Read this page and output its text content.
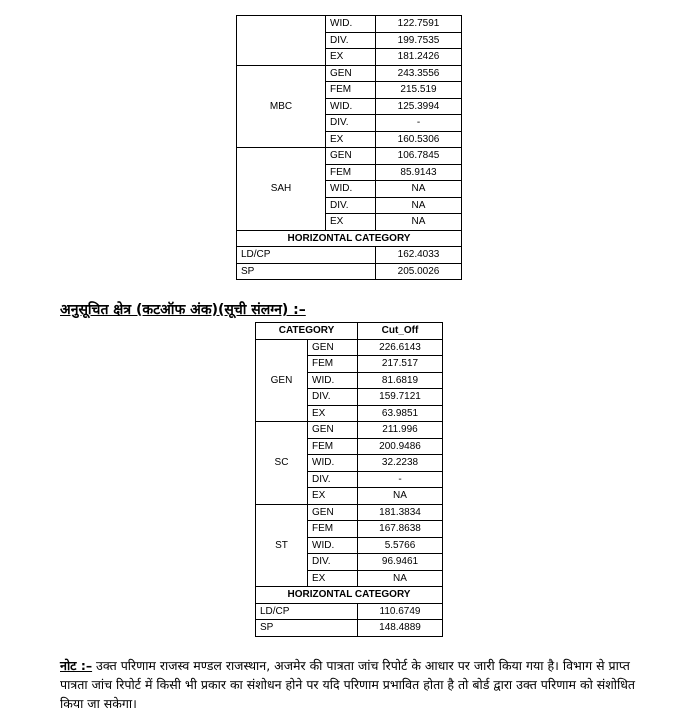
	WID.	122.7591
	DIV.	199.7535
	EX	181.2426
MBC	GEN	243.3556
	FEM	215.519
	WID.	125.3994
	DIV.	-
	EX	160.5306
SAH	GEN	106.7845
	FEM	85.9143
	WID.	NA
	DIV.	NA
	EX	NA
HORIZONTAL CATEGORY		
LD/CP		162.4033
SP		205.0026
अनुसूचित क्षेत्र (कटऑफ अंक)(सूची संलग्न) :–
CATEGORY		Cut_Off
GEN	GEN	226.6143
	FEM	217.517
	WID.	81.6819
	DIV.	159.7121
	EX	63.9851
SC	GEN	211.996
	FEM	200.9486
	WID.	32.2238
	DIV.	-
	EX	NA
ST	GEN	181.3834
	FEM	167.8638
	WID.	5.5766
	DIV.	96.9461
	EX	NA
HORIZONTAL CATEGORY		
LD/CP		110.6749
SP		148.4889
नोट :– उक्त परिणाम राजस्व मण्डल राजस्थान, अजमेर की पात्रता जांच रिपोर्ट के आधार पर जारी किया गया है। विभाग से प्राप्त पात्रता जांच रिपोर्ट में किसी भी प्रकार का संशोधन होने पर यदि परिणाम प्रभावित होता है तो बोर्ड द्वारा उक्त परिणाम को संशोधित किया जा सकेगा।
